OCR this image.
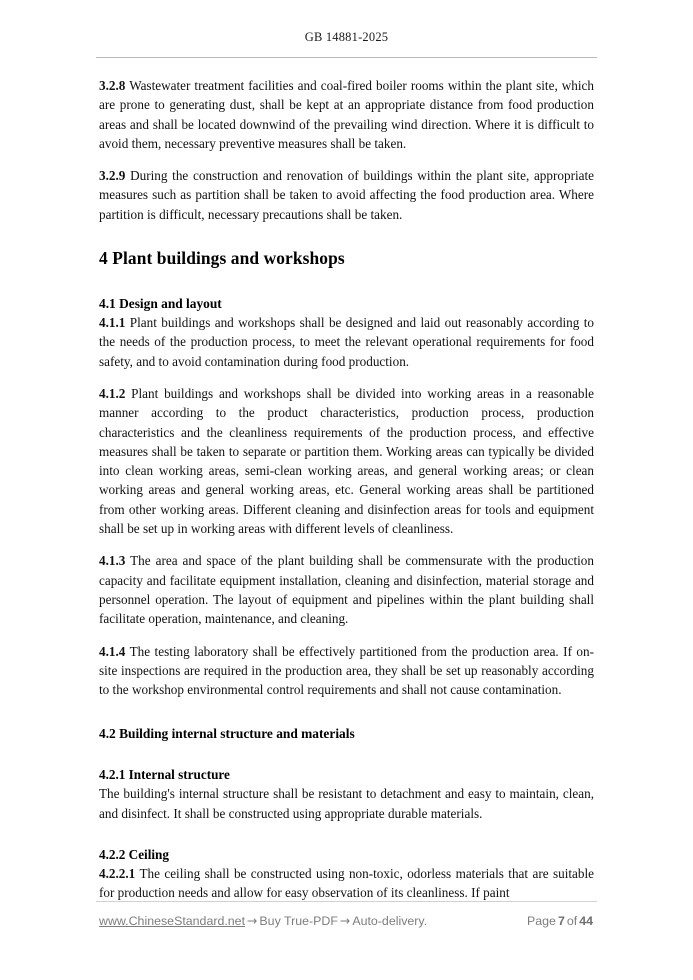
GB 14881-2025

3.2.8 Wastewater treatment facilities and coal-fired boiler rooms within the plant site, which are prone to generating dust, shall be kept at an appropriate distance from food production areas and shall be located downwind of the prevailing wind direction. Where it is difficult to avoid them, necessary preventive measures shall be taken.

3.2.9 During the construction and renovation of buildings within the plant site, appropriate measures such as partition shall be taken to avoid affecting the food production area. Where partition is difficult, necessary precautions shall be taken.

4 Plant buildings and workshops
4.1 Design and layout

4.1.1 Plant buildings and workshops shall be designed and laid out reasonably according to the needs of the production process, to meet the relevant operational requirements for food safety, and to avoid contamination during food production.

4.1.2 Plant buildings and workshops shall be divided into working areas in a reasonable manner according to the product characteristics, production process, production characteristics and the cleanliness requirements of the production process, and effective measures shall be taken to separate or partition them. Working areas can typically be divided into clean working areas, semi-clean working areas, and general working areas; or clean working areas and general working areas, etc. General working areas shall be partitioned from other working areas. Different cleaning and disinfection areas for tools and equipment shall be set up in working areas with different levels of cleanliness.

4.1.3 The area and space of the plant building shall be commensurate with the production capacity and facilitate equipment installation, cleaning and disinfection, material storage and personnel operation. The layout of equipment and pipelines within the plant building shall facilitate operation, maintenance, and cleaning.

4.1.4 The testing laboratory shall be effectively partitioned from the production area. If on-site inspections are required in the production area, they shall be set up reasonably according to the workshop environmental control requirements and shall not cause contamination.

4.2 Building internal structure and materials
4.2.1 Internal structure

The building's internal structure shall be resistant to detachment and easy to maintain, clean, and disinfect. It shall be constructed using appropriate durable materials.

4.2.2 Ceiling

4.2.2.1 The ceiling shall be constructed using non-toxic, odorless materials that are suitable for production needs and allow for easy observation of its cleanliness. If paint

www.ChineseStandard.net → Buy True-PDF → Auto-delivery.	Page 7 of 44
